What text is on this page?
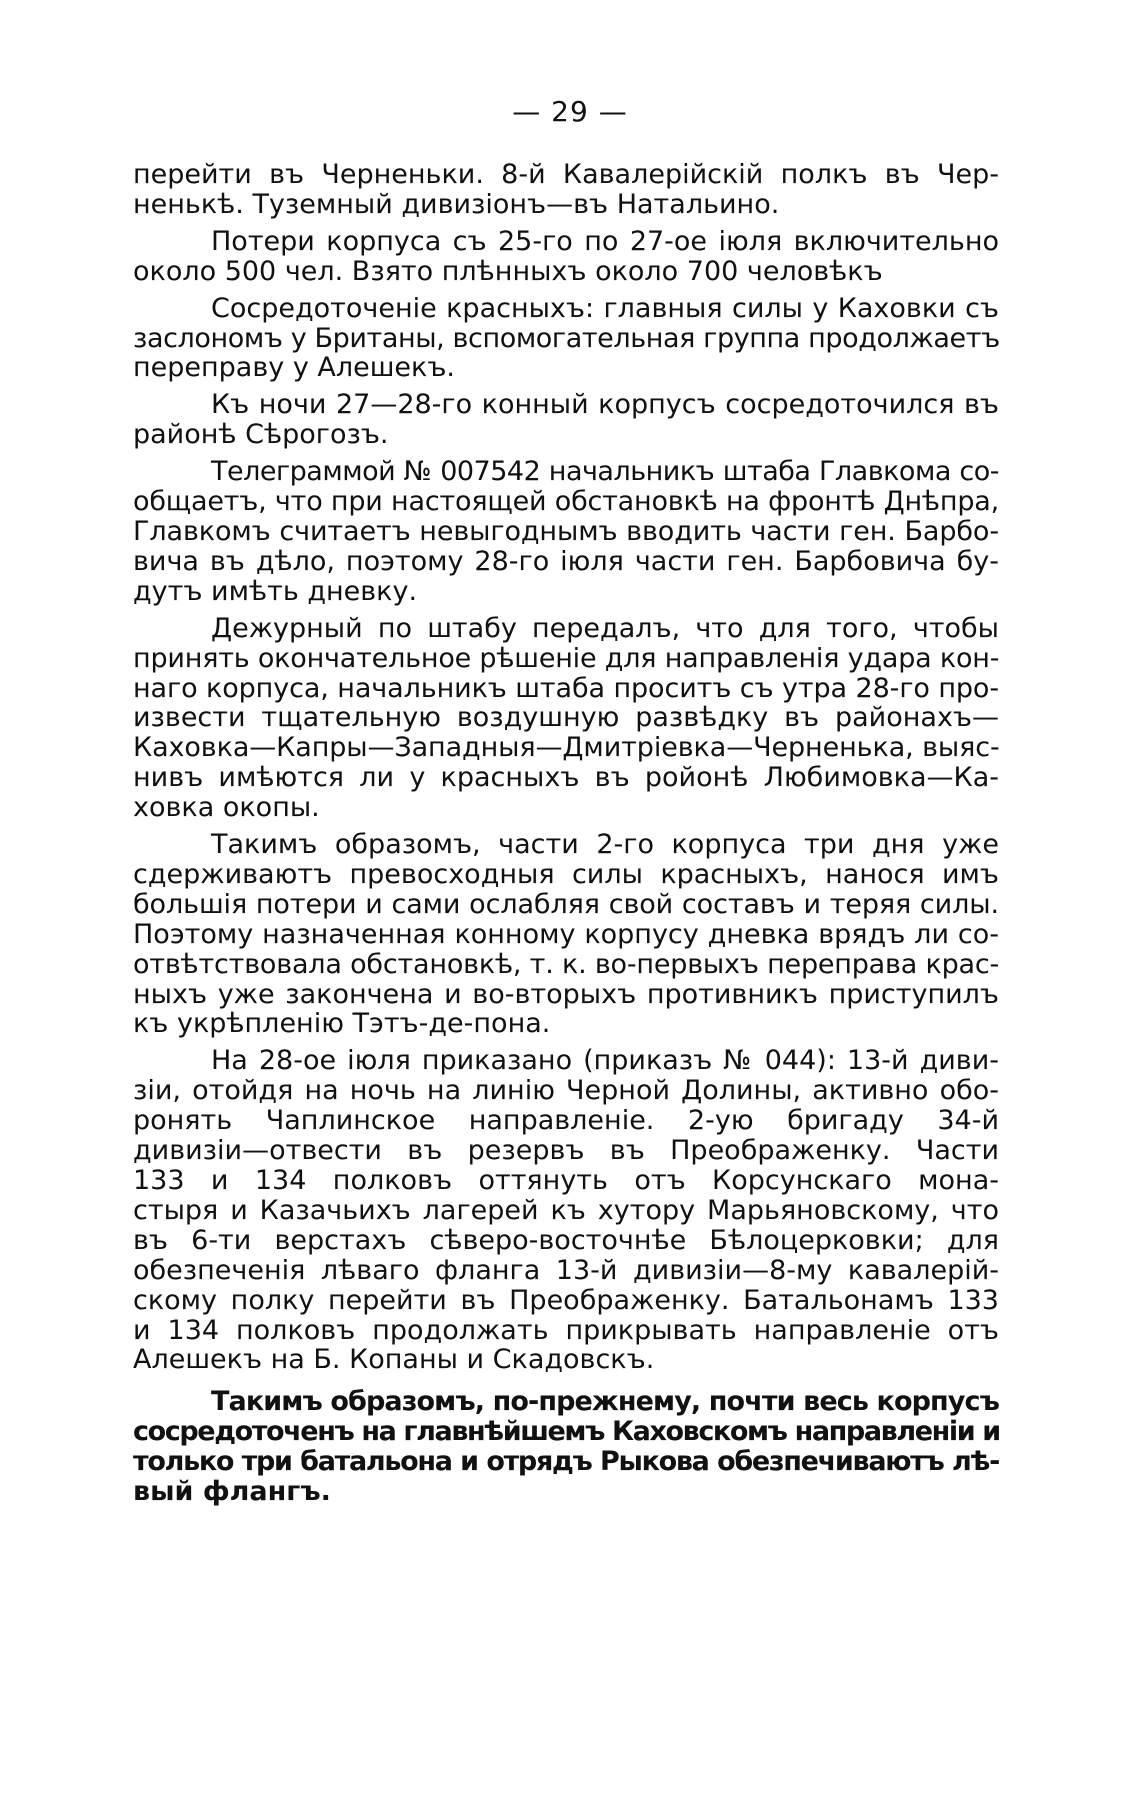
— 29 —
перейти въ Черненьки. 8-й Кавалерійскій полкъ въ Чер-
ненькѣ. Туземный дивизіонъ—въ Натальино.
Потери корпуса съ 25-го по 27-ое іюля включительно
около 500 чел. Взято плѣнныхъ около 700 человѣкъ
Сосредоточеніе красныхъ: главныя силы у Каховки съ
заслономъ у Британы, вспомогательная группа продолжаетъ
переправу у Алешекъ.
Къ ночи 27—28-го конный корпусъ сосредоточился въ
районѣ Сѣрогозъ.
Телеграммой № 007542 начальникъ штаба Главкома со-
общаетъ, что при настоящей обстановкѣ на фронтѣ Днѣпра,
Главкомъ считаетъ невыгоднымъ вводить части ген. Барбо-
вича въ дѣло, поэтому 28-го іюля части ген. Барбовича бу-
дутъ имѣть дневку.
Дежурный по штабу передалъ, что для того, чтобы
принять окончательное рѣшеніе для направленія удара кон-
наго корпуса, начальникъ штаба проситъ съ утра 28-го про-
извести тщательную воздушную развѣдку въ районахъ—
Каховка—Капры—Западныя—Дмитріевка—Черненька, выяс-
нивъ имѣются ли у красныхъ въ ройонѣ Любимовка—Ка-
ховка окопы.
Такимъ образомъ, части 2-го корпуса три дня уже
сдерживаютъ превосходныя силы красныхъ, нанося имъ
большія потери и сами ослабляя свой составъ и теряя силы.
Поэтому назначенная конному корпусу дневка врядъ ли со-
отвѣтствовала обстановкѣ, т. к. во-первыхъ переправа крас-
ныхъ уже закончена и во-вторыхъ противникъ приступилъ
къ укрѣпленію Тэтъ-де-пона.
На 28-ое іюля приказано (приказъ № 044): 13-й диви-
зіи, отойдя на ночь на линію Черной Долины, активно обо-
ронять Чаплинское направленіе. 2-ую бригаду 34-й
дивизіи—отвести въ резервъ въ Преображенку. Части
133 и 134 полковъ оттянуть отъ Корсунскаго мона-
стыря и Казачьихъ лагерей къ хутору Марьяновскому, что
въ 6-ти верстахъ сѣверо-восточнѣе Бѣлоцерковки; для
обезпеченія лѣваго фланга 13-й дивизіи—8-му кавалерій-
скому полку перейти въ Преображенку. Батальонамъ 133
и 134 полковъ продолжать прикрывать направленіе отъ
Алешекъ на Б. Копаны и Скадовскъ.
Такимъ образомъ, по-прежнему, почти весь корпусъ
сосредоточенъ на главнѣйшемъ Каховскомъ направленіи и
только три батальона и отрядъ Рыкова обезпечиваютъ лѣ-
вый флангъ.
